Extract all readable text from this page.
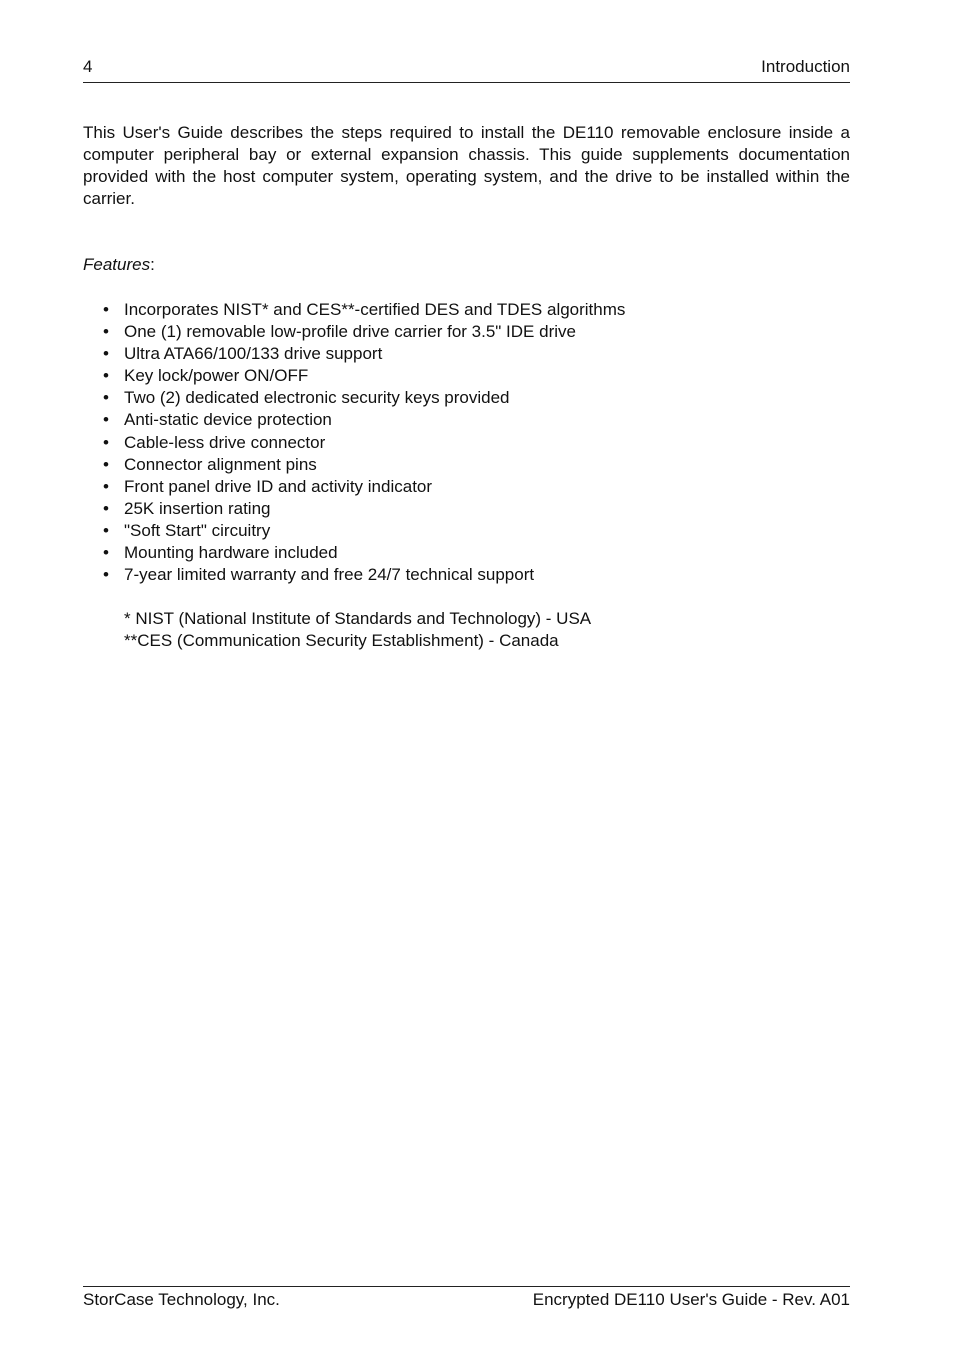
4	Introduction

This User's Guide describes the steps required to install the DE110 removable enclosure inside a computer peripheral bay or external expansion chassis. This guide supplements documentation provided with the host computer system, operating system, and the drive to be installed within the carrier.

Features:
• Incorporates NIST* and CES**-certified DES and TDES algorithms
• One (1) removable low-profile drive carrier for 3.5" IDE drive
• Ultra ATA66/100/133 drive support
• Key lock/power ON/OFF
• Two (2) dedicated electronic security keys provided
• Anti-static device protection
• Cable-less drive connector
• Connector alignment pins
• Front panel drive ID and activity indicator
• 25K insertion rating
• "Soft Start" circuitry
• Mounting hardware included
• 7-year limited warranty and free 24/7 technical support
* NIST (National Institute of Standards and Technology) - USA
**CES (Communication Security Establishment) - Canada
StorCase Technology, Inc.	Encrypted DE110 User's Guide - Rev. A01
